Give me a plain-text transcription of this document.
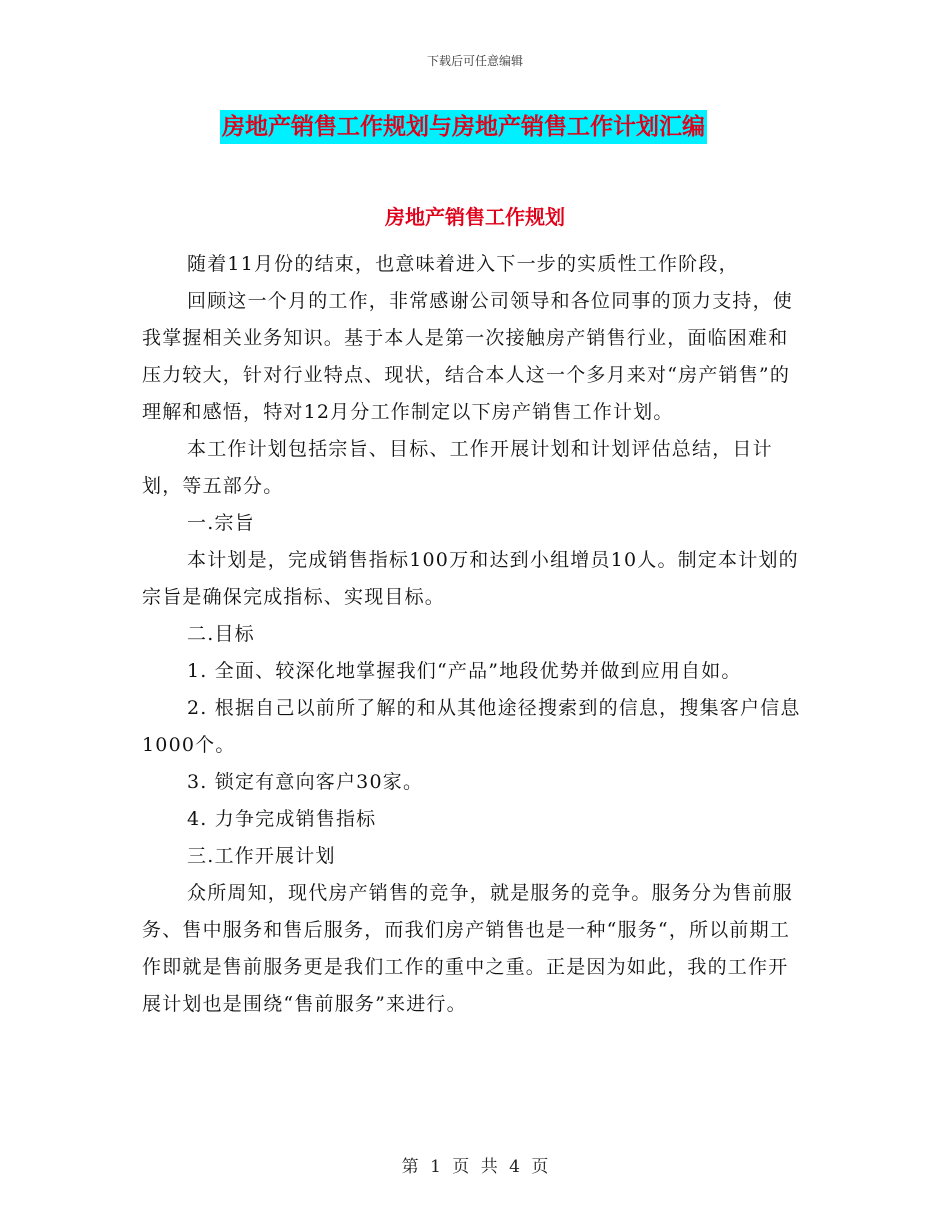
下载后可任意编辑
房地产销售工作规划与房地产销售工作计划汇编
房地产销售工作规划

随着11月份的结束，也意味着进入下一步的实质性工作阶段，

回顾这一个月的工作，非常感谢公司领导和各位同事的顶力支持，使我掌握相关业务知识。基于本人是第一次接触房产销售行业，面临困难和压力较大，针对行业特点、现状，结合本人这一个多月来对“房产销售”的理解和感悟，特对12月分工作制定以下房产销售工作计划。

本工作计划包括宗旨、目标、工作开展计划和计划评估总结，日计划，等五部分。

一.宗旨

本计划是，完成销售指标100万和达到小组增员10人。制定本计划的宗旨是确保完成指标、实现目标。

二.目标

1. 全面、较深化地掌握我们“产品”地段优势并做到应用自如。

2. 根据自己以前所了解的和从其他途径搜索到的信息，搜集客户信息1000个。

3. 锁定有意向客户30家。

4. 力争完成销售指标

三.工作开展计划

众所周知，现代房产销售的竞争，就是服务的竞争。服务分为售前服务、售中服务和售后服务，而我们房产销售也是一种“服务“，所以前期工作即就是售前服务更是我们工作的重中之重。正是因为如此，我的工作开展计划也是围绕“售前服务”来进行。

第 1 页 共 4 页
